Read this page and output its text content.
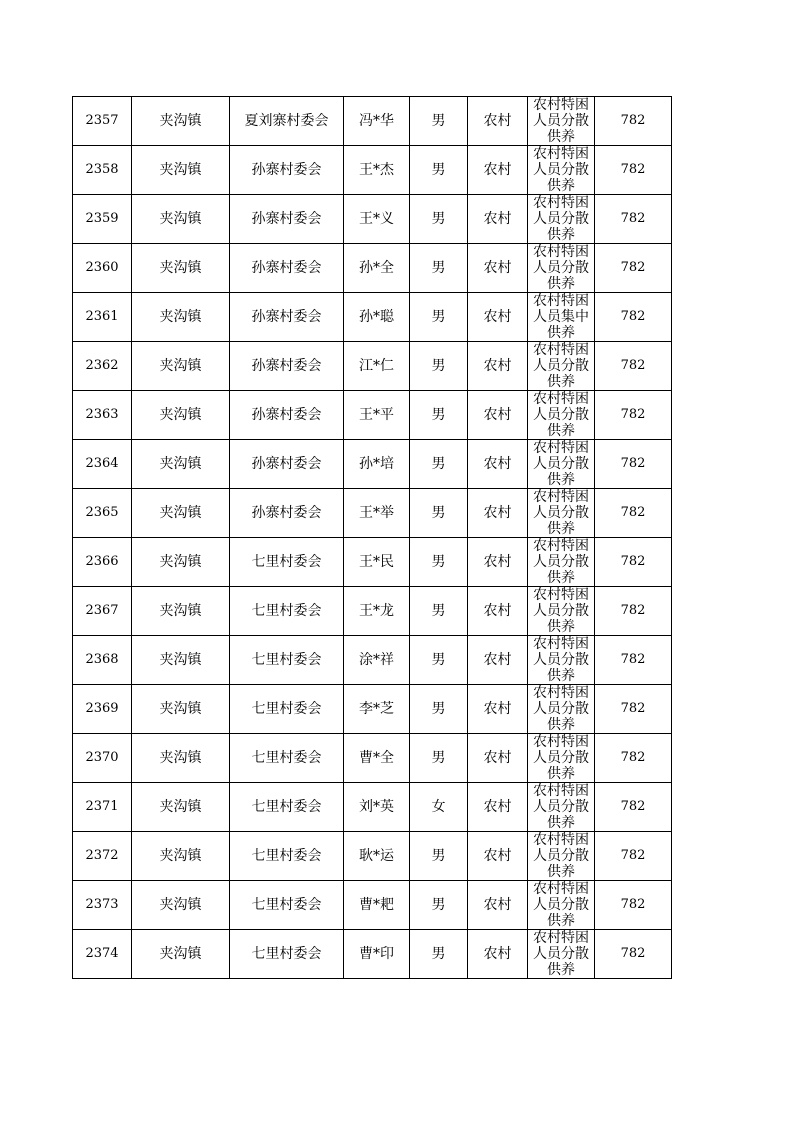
2357	夹沟镇	夏刘寨村委会	冯*华	男	农村	农村特困人员分散供养	782
2358	夹沟镇	孙寨村委会	王*杰	男	农村	农村特困人员分散供养	782
2359	夹沟镇	孙寨村委会	王*义	男	农村	农村特困人员分散供养	782
2360	夹沟镇	孙寨村委会	孙*全	男	农村	农村特困人员分散供养	782
2361	夹沟镇	孙寨村委会	孙*聪	男	农村	农村特困人员集中供养	782
2362	夹沟镇	孙寨村委会	江*仁	男	农村	农村特困人员分散供养	782
2363	夹沟镇	孙寨村委会	王*平	男	农村	农村特困人员分散供养	782
2364	夹沟镇	孙寨村委会	孙*培	男	农村	农村特困人员分散供养	782
2365	夹沟镇	孙寨村委会	王*举	男	农村	农村特困人员分散供养	782
2366	夹沟镇	七里村委会	王*民	男	农村	农村特困人员分散供养	782
2367	夹沟镇	七里村委会	王*龙	男	农村	农村特困人员分散供养	782
2368	夹沟镇	七里村委会	涂*祥	男	农村	农村特困人员分散供养	782
2369	夹沟镇	七里村委会	李*芝	男	农村	农村特困人员分散供养	782
2370	夹沟镇	七里村委会	曹*全	男	农村	农村特困人员分散供养	782
2371	夹沟镇	七里村委会	刘*英	女	农村	农村特困人员分散供养	782
2372	夹沟镇	七里村委会	耿*运	男	农村	农村特困人员分散供养	782
2373	夹沟镇	七里村委会	曹*耙	男	农村	农村特困人员分散供养	782
2374	夹沟镇	七里村委会	曹*印	男	农村	农村特困人员分散供养	782
